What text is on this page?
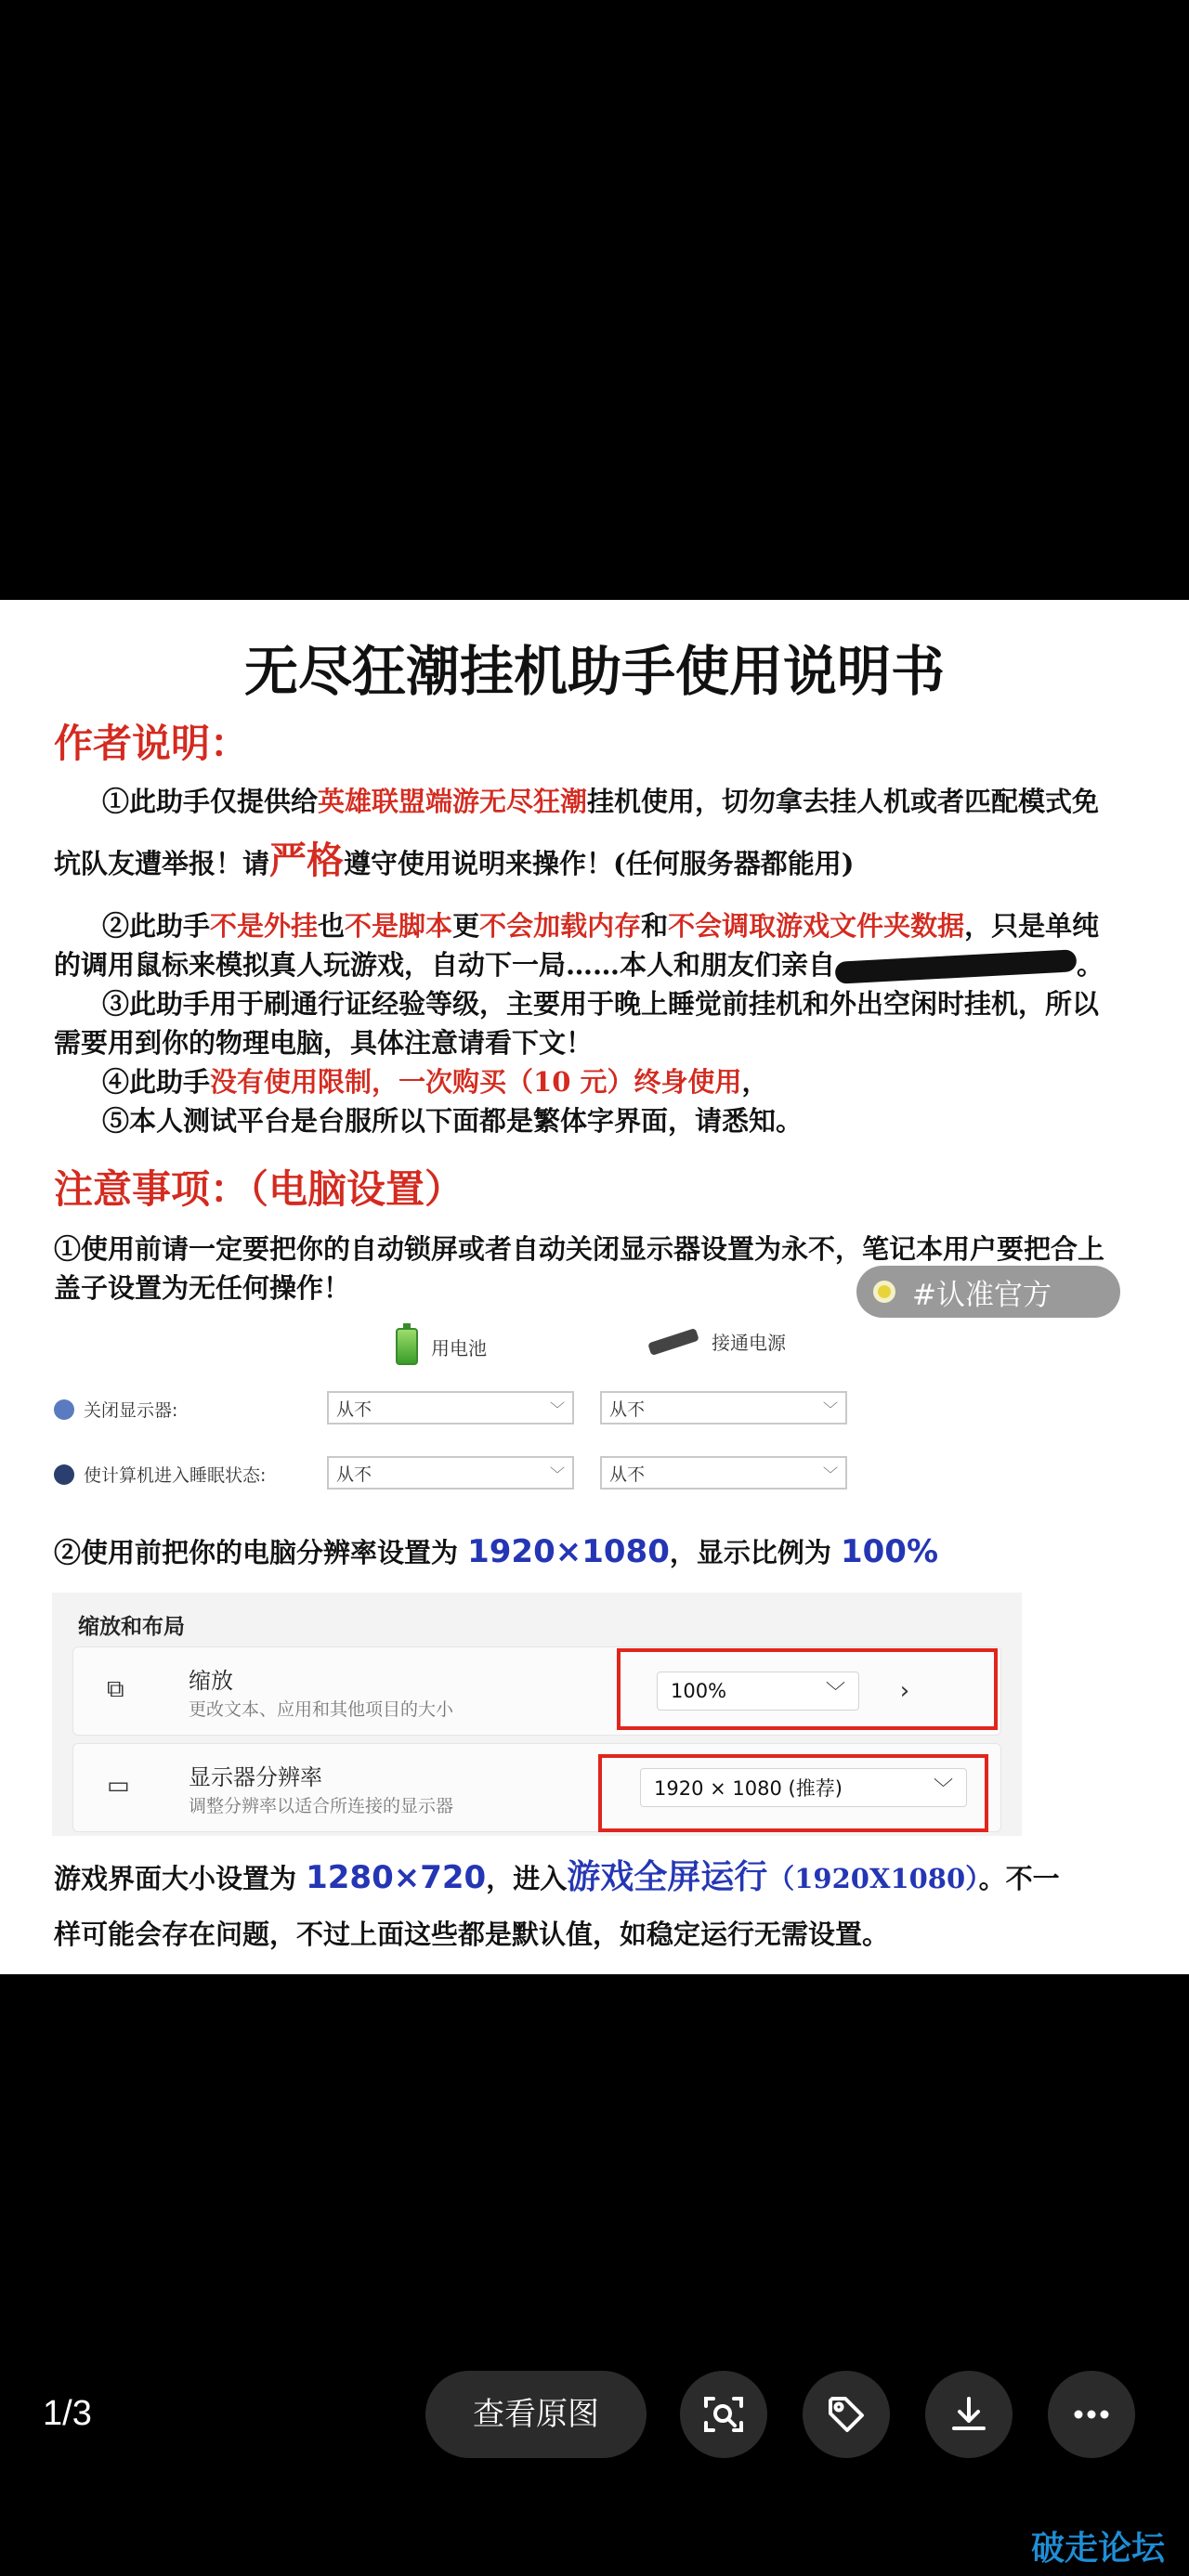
无尽狂潮挂机助手使用说明书
作者说明：
①此助手仅提供给英雄联盟端游无尽狂潮挂机使用，切勿拿去挂人机或者匹配模式免
坑队友遭举报！请严格遵守使用说明来操作！(任何服务器都能用)
②此助手不是外挂也不是脚本更不会加载内存和不会调取游戏文件夹数据，只是单纯
的调用鼠标来模拟真人玩游戏，自动下一局……本人和朋友们亲自	。
③此助手用于刷通行证经验等级，主要用于晚上睡觉前挂机和外出空闲时挂机，所以
需要用到你的物理电脑，具体注意请看下文！
④此助手没有使用限制，一次购买（10 元）终身使用，
⑤本人测试平台是台服所以下面都是繁体字界面，请悉知。
注意事项：（电脑设置）
①使用前请一定要把你的自动锁屏或者自动关闭显示器设置为永不，笔记本用户要把合上
盖子设置为无任何操作！
用电池	接通电源
关闭显示器:	从不	﹀	从不	﹀
使计算机进入睡眠状态:	从不	﹀	从不	﹀
②使用前把你的电脑分辨率设置为 1920×1080，显示比例为 100%
缩放和布局
⧉	缩放
更改文本、应用和其他项目的大小
100%	﹀	›
▭	显示器分辨率
调整分辨率以适合所连接的显示器
1920 × 1080 (推荐)	﹀
游戏界面大小设置为 1280×720，进入游戏全屏运行（1920X1080）。不一
样可能会存在问题，不过上面这些都是默认值，如稳定运行无需设置。
#认准官方
1/3	查看原图
破走论坛
